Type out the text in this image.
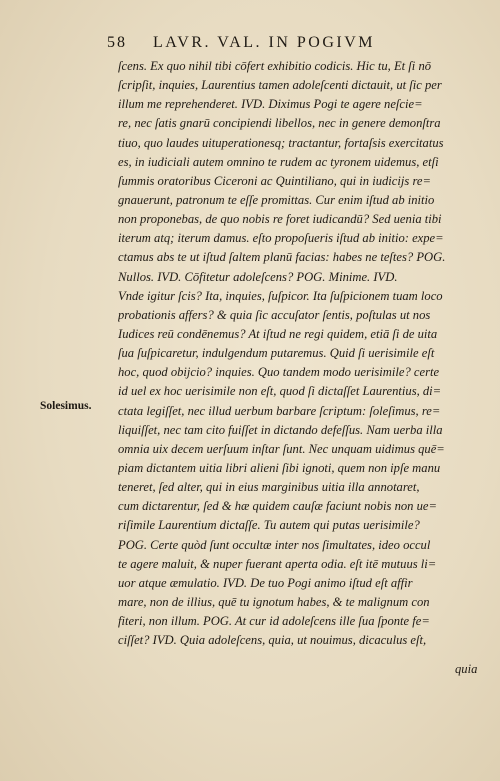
58 LAVR. VAL. IN POGIVM
Solesimus.
ſcens. Ex quo nihil tibi cōfert exhibitio codicis. Hic tu, Et ſi nō
ſcripſit, inquies, Laurentius tamen adoleſcenti dictauit, ut ſic per
illum me reprehenderet. IVD. Diximus Pogi te agere neſcie=
re, nec ſatis gnarū concipiendi libellos, nec in genere demonſtra
tiuo, quo laudes uituperationesq; tractantur, fortaſsis exercitatus
es, in iudiciali autem omnino te rudem ac tyronem uidemus, etſi
ſummis oratoribus Ciceroni ac Quintiliano, qui in iudicijs re=
gnauerunt, patronum te eſſe promittas. Cur enim iſtud ab initio
non proponebas, de quo nobis re foret iudicandū? Sed uenia tibi
iterum atq; iterum damus. eſto propoſueris iſtud ab initio: expe=
ctamus abs te ut iſtud ſaltem planū facias: habes ne teſtes? POG.
Nullos. IVD. Cōfitetur adoleſcens? POG. Minime. IVD.
Vnde igitur ſcis? Ita, inquies, ſuſpicor. Ita ſuſpicionem tuam loco
probationis affers? & quia ſic accuſator ſentis, poſtulas ut nos
Iudices reū condēnemus? At iſtud ne regi quidem, etiā ſi de uita
ſua ſuſpicaretur, indulgendum putaremus. Quid ſi uerisimile eſt
hoc, quod obijcio? inquies. Quo tandem modo uerisimile? certe
id uel ex hoc uerisimile non eſt, quod ſi dictaſſet Laurentius, di=
ctata legiſſet, nec illud uerbum barbare ſcriptum: ſoleſimus, re=
liquiſſet, nec tam cito fuiſſet in dictando defeſſus. Nam uerba illa
omnia uix decem uerſuum inſtar ſunt. Nec unquam uidimus quē=
piam dictantem uitia libri alieni ſibi ignoti, quem non ipſe manu
teneret, ſed alter, qui in eius marginibus uitia illa annotaret,
cum dictarentur, ſed & hæ quidem cauſæ faciunt nobis non ue=
riſimile Laurentium dictaſſe. Tu autem qui putas uerisimile?
POG. Certe quòd ſunt occultæ inter nos ſimultates, ideo occul
te agere maluit, & nuper fuerant aperta odia. eſt itē mutuus li=
uor atque æmulatio. IVD. De tuo Pogi animo iſtud eſt affir
mare, non de illius, quē tu ignotum habes, & te malignum con
fiteri, non illum. POG. At cur id adoleſcens ille ſua ſponte fe=
ciſſet? IVD. Quia adoleſcens, quia, ut nouimus, dicaculus eſt,
quia
